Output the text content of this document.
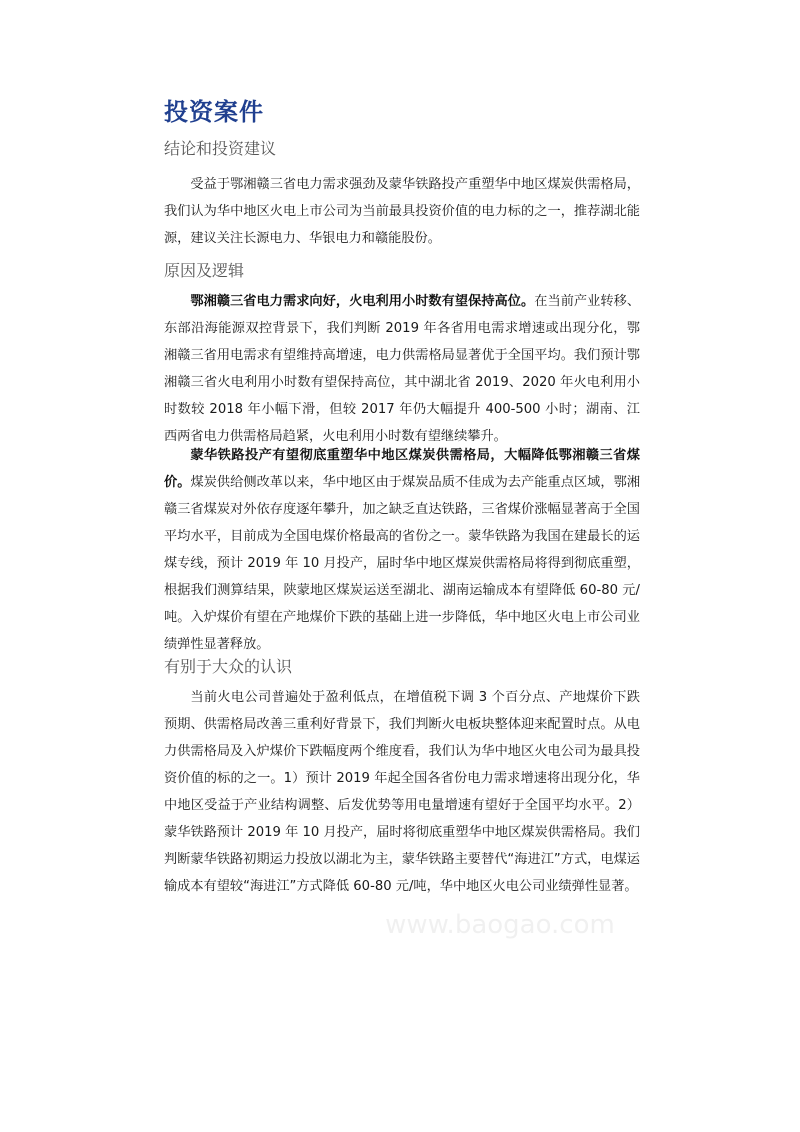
投资案件
结论和投资建议

受益于鄂湘赣三省电力需求强劲及蒙华铁路投产重塑华中地区煤炭供需格局，我们认为华中地区火电上市公司为当前最具投资价值的电力标的之一，推荐湖北能源，建议关注长源电力、华银电力和赣能股份。

原因及逻辑

鄂湘赣三省电力需求向好，火电利用小时数有望保持高位。在当前产业转移、东部沿海能源双控背景下，我们判断 2019 年各省用电需求增速或出现分化，鄂湘赣三省用电需求有望维持高增速，电力供需格局显著优于全国平均。我们预计鄂湘赣三省火电利用小时数有望保持高位，其中湖北省 2019、2020 年火电利用小时数较 2018 年小幅下滑，但较 2017 年仍大幅提升 400-500 小时；湖南、江西两省电力供需格局趋紧，火电利用小时数有望继续攀升。

蒙华铁路投产有望彻底重塑华中地区煤炭供需格局，大幅降低鄂湘赣三省煤价。煤炭供给侧改革以来，华中地区由于煤炭品质不佳成为去产能重点区域，鄂湘赣三省煤炭对外依存度逐年攀升，加之缺乏直达铁路，三省煤价涨幅显著高于全国平均水平，目前成为全国电煤价格最高的省份之一。蒙华铁路为我国在建最长的运煤专线，预计 2019 年 10 月投产，届时华中地区煤炭供需格局将得到彻底重塑，根据我们测算结果，陕蒙地区煤炭运送至湖北、湖南运输成本有望降低 60-80 元/吨。入炉煤价有望在产地煤价下跌的基础上进一步降低，华中地区火电上市公司业绩弹性显著释放。

有别于大众的认识

当前火电公司普遍处于盈利低点，在增值税下调 3 个百分点、产地煤价下跌预期、供需格局改善三重利好背景下，我们判断火电板块整体迎来配置时点。从电力供需格局及入炉煤价下跌幅度两个维度看，我们认为华中地区火电公司为最具投资价值的标的之一。1）预计 2019 年起全国各省份电力需求增速将出现分化，华中地区受益于产业结构调整、后发优势等用电量增速有望好于全国平均水平。2）蒙华铁路预计 2019 年 10 月投产，届时将彻底重塑华中地区煤炭供需格局。我们判断蒙华铁路初期运力投放以湖北为主，蒙华铁路主要替代“海进江”方式，电煤运输成本有望较“海进江”方式降低 60-80 元/吨，华中地区火电公司业绩弹性显著。

www.baogao.com
